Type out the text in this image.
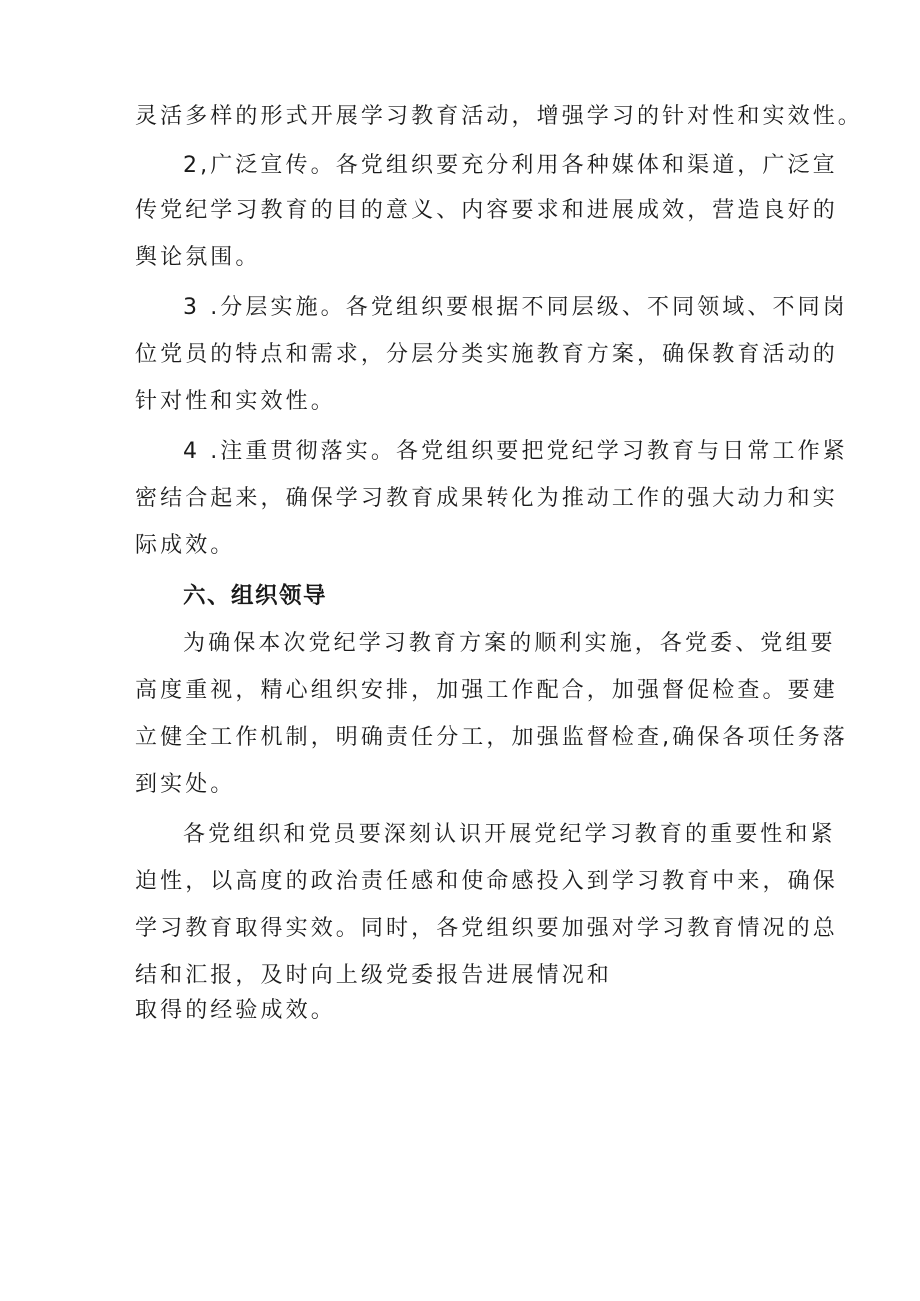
灵活多样的形式开展学习教育活动，增强学习的针对性和实效性。
2,广泛宣传。各党组织要充分利用各种媒体和渠道，广泛宣
传党纪学习教育的目的意义、内容要求和进展成效，营造良好的
舆论氛围。
3 .分层实施。各党组织要根据不同层级、不同领域、不同岗
位党员的特点和需求，分层分类实施教育方案，确保教育活动的
针对性和实效性。
4 .注重贯彻落实。各党组织要把党纪学习教育与日常工作紧
密结合起来，确保学习教育成果转化为推动工作的强大动力和实
际成效。
六、组织领导
为确保本次党纪学习教育方案的顺利实施，各党委、党组要
高度重视，精心组织安排，加强工作配合，加强督促检查。要建
立健全工作机制，明确责任分工，加强监督检查,确保各项任务落
到实处。
各党组织和党员要深刻认识开展党纪学习教育的重要性和紧
迫性，以高度的政治责任感和使命感投入到学习教育中来，确保
学习教育取得实效。同时，各党组织要加强对学习教育情况的总
结和汇报，及时向上级党委报告进展情况和
取得的经验成效。
